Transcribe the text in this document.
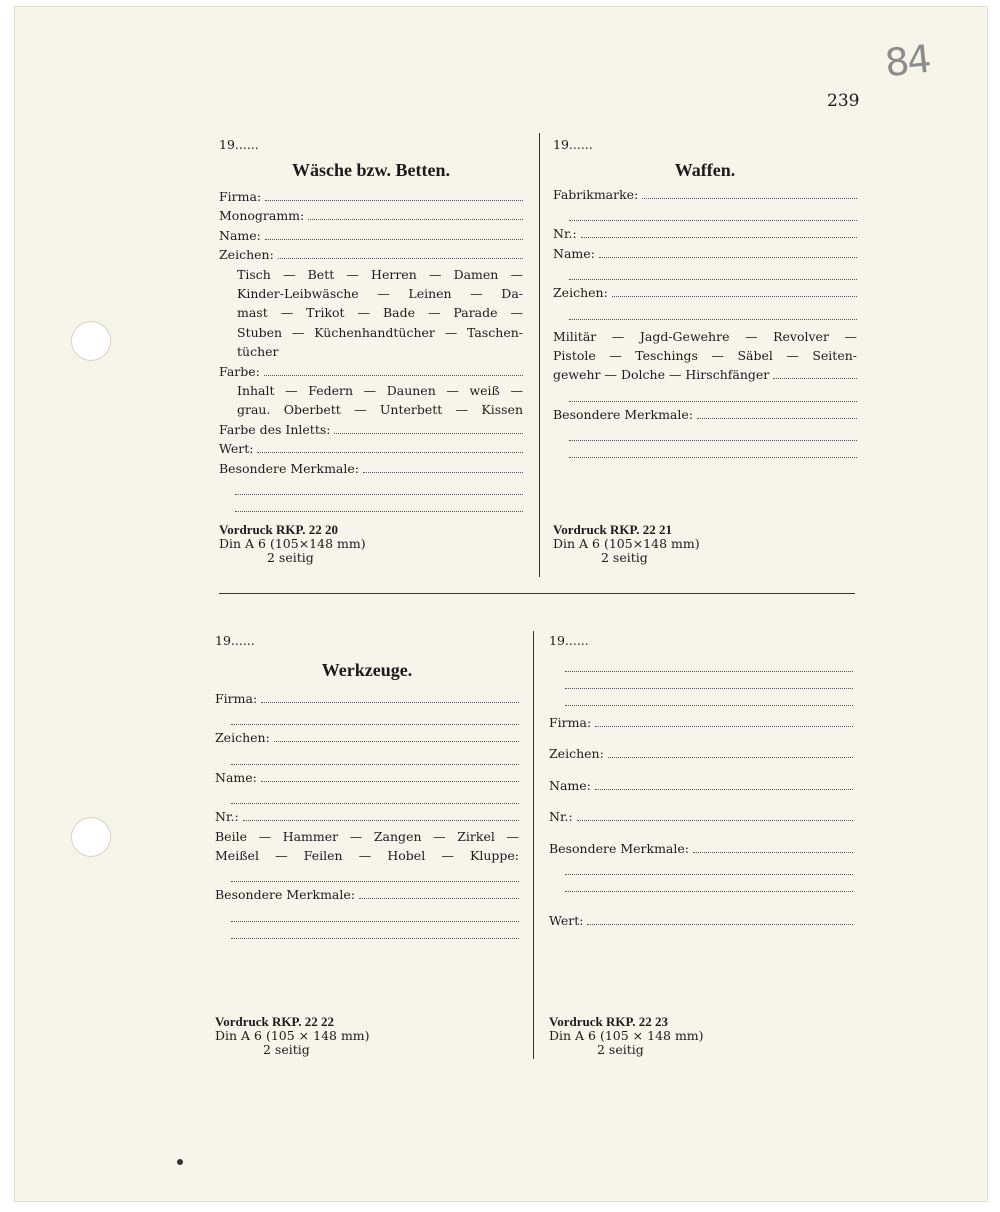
84
239
19......
Wäsche bzw. Betten.
Firma:
Monogramm:
Name:
Zeichen:
Tisch — Bett — Herren — Damen —
Kinder-Leibwäsche — Leinen — Da-
mast — Trikot — Bade — Parade —
Stuben — Küchenhandtücher — Taschen-
tücher
Farbe:
Inhalt — Federn — Daunen — weiß —
grau. Oberbett — Unterbett — Kissen
Farbe des Inletts:
Wert:
Besondere Merkmale:
Vordruck RKP. 22 20
Din A 6 (105×148 mm)
2 seitig
19......
Waffen.
Fabrikmarke:
Nr.:
Name:
Zeichen:
Militär — Jagd-Gewehre — Revolver —
Pistole — Teschings — Säbel — Seiten-
gewehr — Dolche — Hirschfänger
Besondere Merkmale:
Vordruck RKP. 22 21
Din A 6 (105×148 mm)
2 seitig
19......
Werkzeuge.
Firma:
Zeichen:
Name:
Nr.:
Beile — Hammer — Zangen — Zirkel —
Meißel — Feilen — Hobel — Kluppe:
Besondere Merkmale:
Vordruck RKP. 22 22
Din A 6 (105 × 148 mm)
2 seitig
19......
Firma:
Zeichen:
Name:
Nr.:
Besondere Merkmale:
Wert:
Vordruck RKP. 22 23
Din A 6 (105 × 148 mm)
2 seitig
